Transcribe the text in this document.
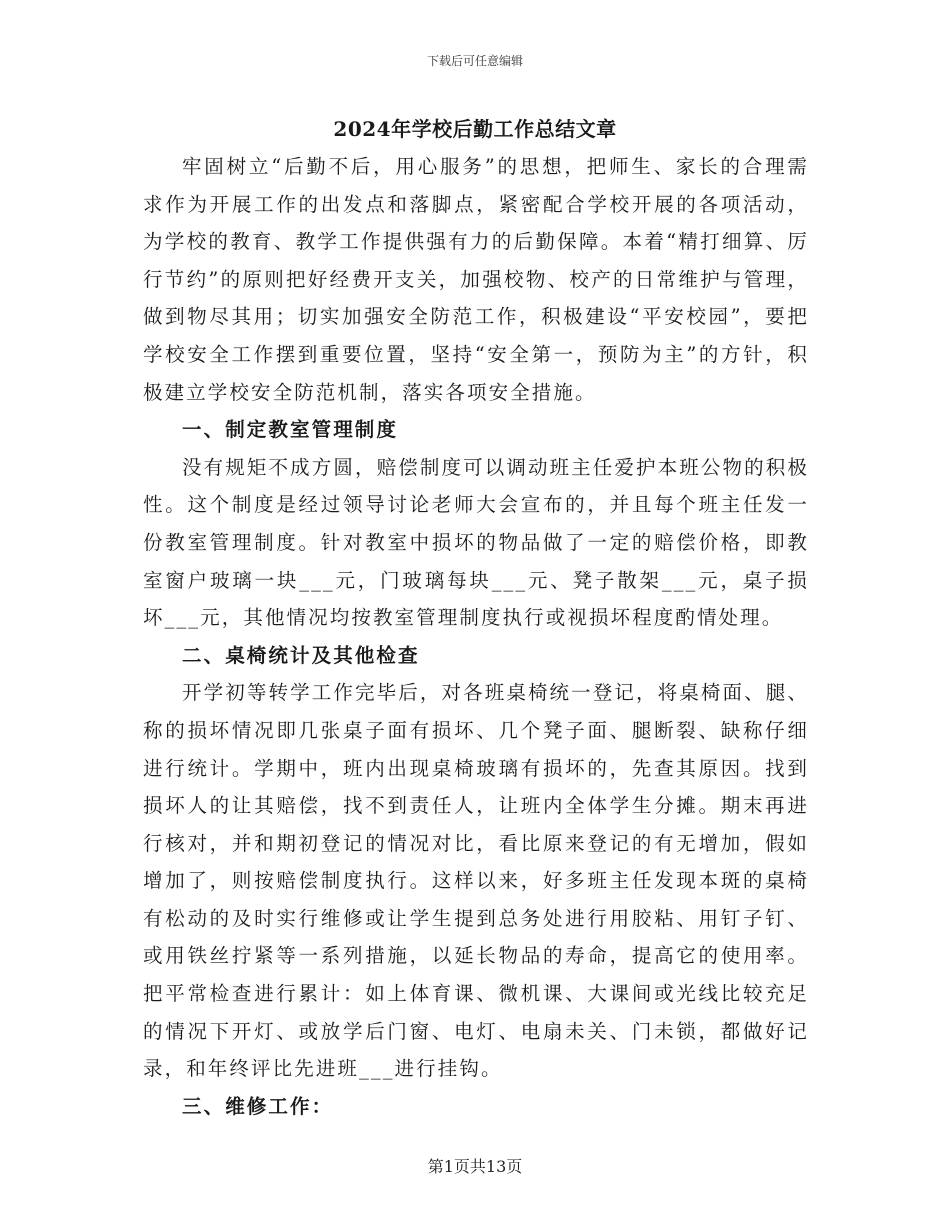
下载后可任意编辑
2024年学校后勤工作总结文章

牢固树立“后勤不后，用心服务”的思想，把师生、家长的合理需求作为开展工作的出发点和落脚点，紧密配合学校开展的各项活动，为学校的教育、教学工作提供强有力的后勤保障。本着“精打细算、厉行节约”的原则把好经费开支关，加强校物、校产的日常维护与管理，做到物尽其用；切实加强安全防范工作，积极建设“平安校园”，要把学校安全工作摆到重要位置，坚持“安全第一，预防为主”的方针，积极建立学校安全防范机制，落实各项安全措施。

一、制定教室管理制度

没有规矩不成方圆，赔偿制度可以调动班主任爱护本班公物的积极性。这个制度是经过领导讨论老师大会宣布的，并且每个班主任发一份教室管理制度。针对教室中损坏的物品做了一定的赔偿价格，即教室窗户玻璃一块___元，门玻璃每块___元、凳子散架___元，桌子损坏___元，其他情况均按教室管理制度执行或视损坏程度酌情处理。

二、桌椅统计及其他检查

开学初等转学工作完毕后，对各班桌椅统一登记，将桌椅面、腿、称的损坏情况即几张桌子面有损坏、几个凳子面、腿断裂、缺称仔细进行统计。学期中，班内出现桌椅玻璃有损坏的，先查其原因。找到损坏人的让其赔偿，找不到责任人，让班内全体学生分摊。期末再进行核对，并和期初登记的情况对比，看比原来登记的有无增加，假如增加了，则按赔偿制度执行。这样以来，好多班主任发现本斑的桌椅有松动的及时实行维修或让学生提到总务处进行用胶粘、用钉子钉、或用铁丝拧紧等一系列措施，以延长物品的寿命，提高它的使用率。把平常检查进行累计：如上体育课、微机课、大课间或光线比较充足的情况下开灯、或放学后门窗、电灯、电扇未关、门未锁，都做好记录，和年终评比先进班___进行挂钩。

三、维修工作：

第1页共13页
